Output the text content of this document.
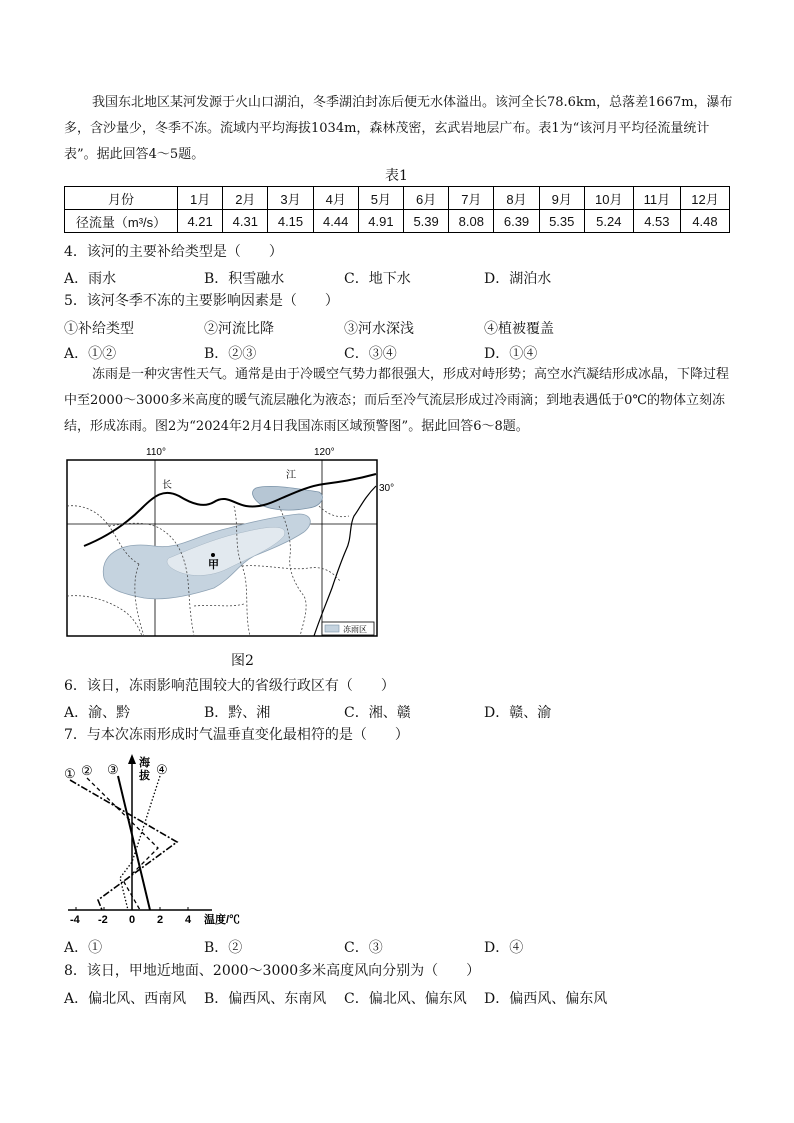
我国东北地区某河发源于火山口湖泊，冬季湖泊封冻后便无水体溢出。该河全长78.6km，总落差1667m，瀑布多，含沙量少，冬季不冻。流域内平均海拔1034m，森林茂密，玄武岩地层广布。表1为“该河月平均径流量统计表”。据此回答4～5题。

表1
月份	1月	2月	3月	4月	5月	6月	7月	8月	9月	10月	11月	12月
径流量（m³/s）	4.21	4.31	4.15	4.44	4.91	5.39	8.08	6.39	5.35	5.24	4.53	4.48
4．该河的主要补给类型是（　　）
A．雨水	B．积雪融水	C．地下水	D．湖泊水
5．该河冬季不冻的主要影响因素是（　　）
①补给类型	②河流比降	③河水深浅	④植被覆盖
A．①②	B．②③	C．③④	D．①④

冻雨是一种灾害性天气。通常是由于冷暖空气势力都很强大，形成对峙形势；高空水汽凝结形成冰晶，下降过程中至2000～3000多米高度的暖气流层融化为液态；而后至冷气流层形成过冷雨滴；到地表遇低于0℃的物体立刻冻结，形成冻雨。图2为“2024年2月4日我国冻雨区域预警图”。据此回答6～8题。

110°	120°
30°
长
江
甲
冻雨区
图2
6．该日，冻雨影响范围较大的省级行政区有（　　）
A．渝、黔	B．黔、湘	C．湘、赣	D．赣、渝
7．与本次冻雨形成时气温垂直变化最相符的是（　　）
海
拔
-4 -2 0 2 4 温度/℃
① ② ③	④
A．①	B．②	C．③	D．④
8．该日，甲地近地面、2000～3000多米高度风向分别为（　　）
A．偏北风、西南风 B．偏西风、东南风 C．偏北风、偏东风 D．偏西风、偏东风
